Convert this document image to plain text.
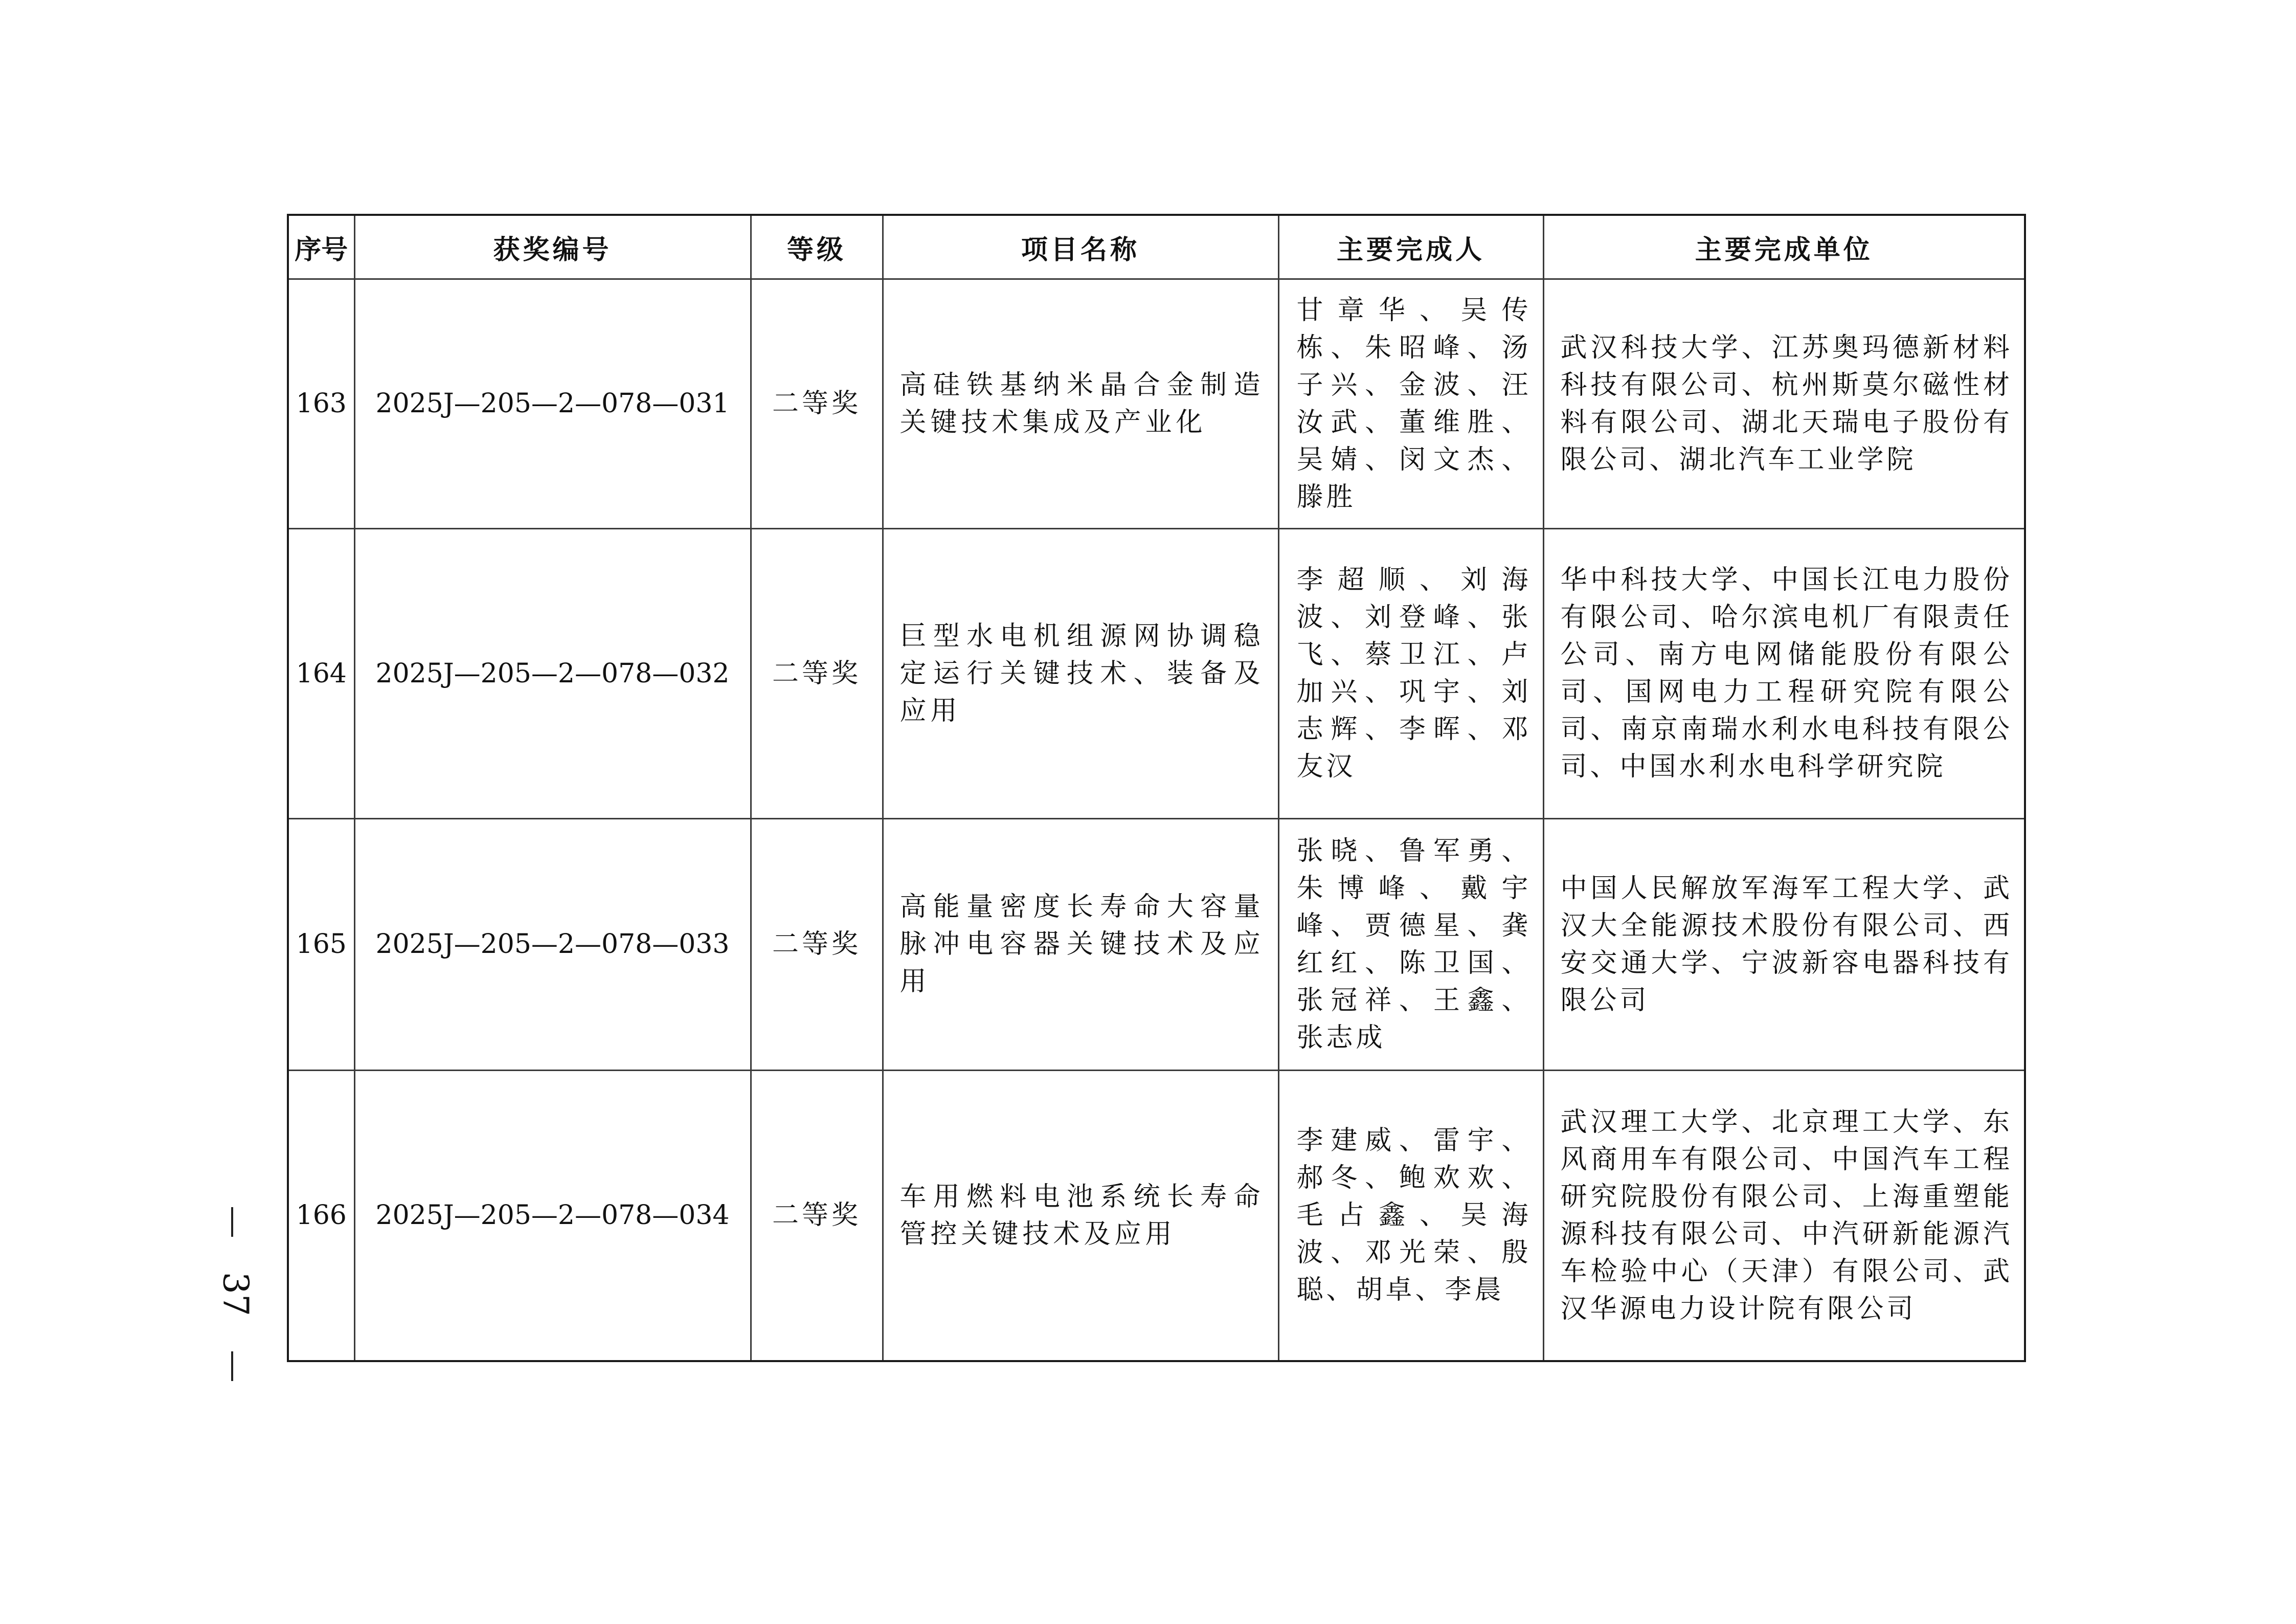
序号	获奖编号	等级	项目名称	主要完成人	主要完成单位
163	2025J—205—2—078—031	二等奖	高硅铁基纳米晶合金制造关键技术集成及产业化	甘章华、吴传栋、朱昭峰、汤子兴、金波、汪汝武、董维胜、吴婧、闵文杰、滕胜	武汉科技大学、江苏奥玛德新材料科技有限公司、杭州斯莫尔磁性材料有限公司、湖北天瑞电子股份有限公司、湖北汽车工业学院
164	2025J—205—2—078—032	二等奖	巨型水电机组源网协调稳定运行关键技术、装备及应用	李超顺、刘海波、刘登峰、张飞、蔡卫江、卢加兴、巩宇、刘志辉、李晖、邓友汉	华中科技大学、中国长江电力股份有限公司、哈尔滨电机厂有限责任公司、南方电网储能股份有限公司、国网电力工程研究院有限公司、南京南瑞水利水电科技有限公司、中国水利水电科学研究院
165	2025J—205—2—078—033	二等奖	高能量密度长寿命大容量脉冲电容器关键技术及应用	张晓、鲁军勇、朱博峰、戴宇峰、贾德星、龚红红、陈卫国、张冠祥、王鑫、张志成	中国人民解放军海军工程大学、武汉大全能源技术股份有限公司、西安交通大学、宁波新容电器科技有限公司
166	2025J—205—2—078—034	二等奖	车用燃料电池系统长寿命管控关键技术及应用	李建威、雷宇、郝冬、鲍欢欢、毛占鑫、吴海波、邓光荣、殷聪、胡卓、李晨	武汉理工大学、北京理工大学、东风商用车有限公司、中国汽车工程研究院股份有限公司、上海重塑能源科技有限公司、中汽研新能源汽车检验中心（天津）有限公司、武汉华源电力设计院有限公司
37
